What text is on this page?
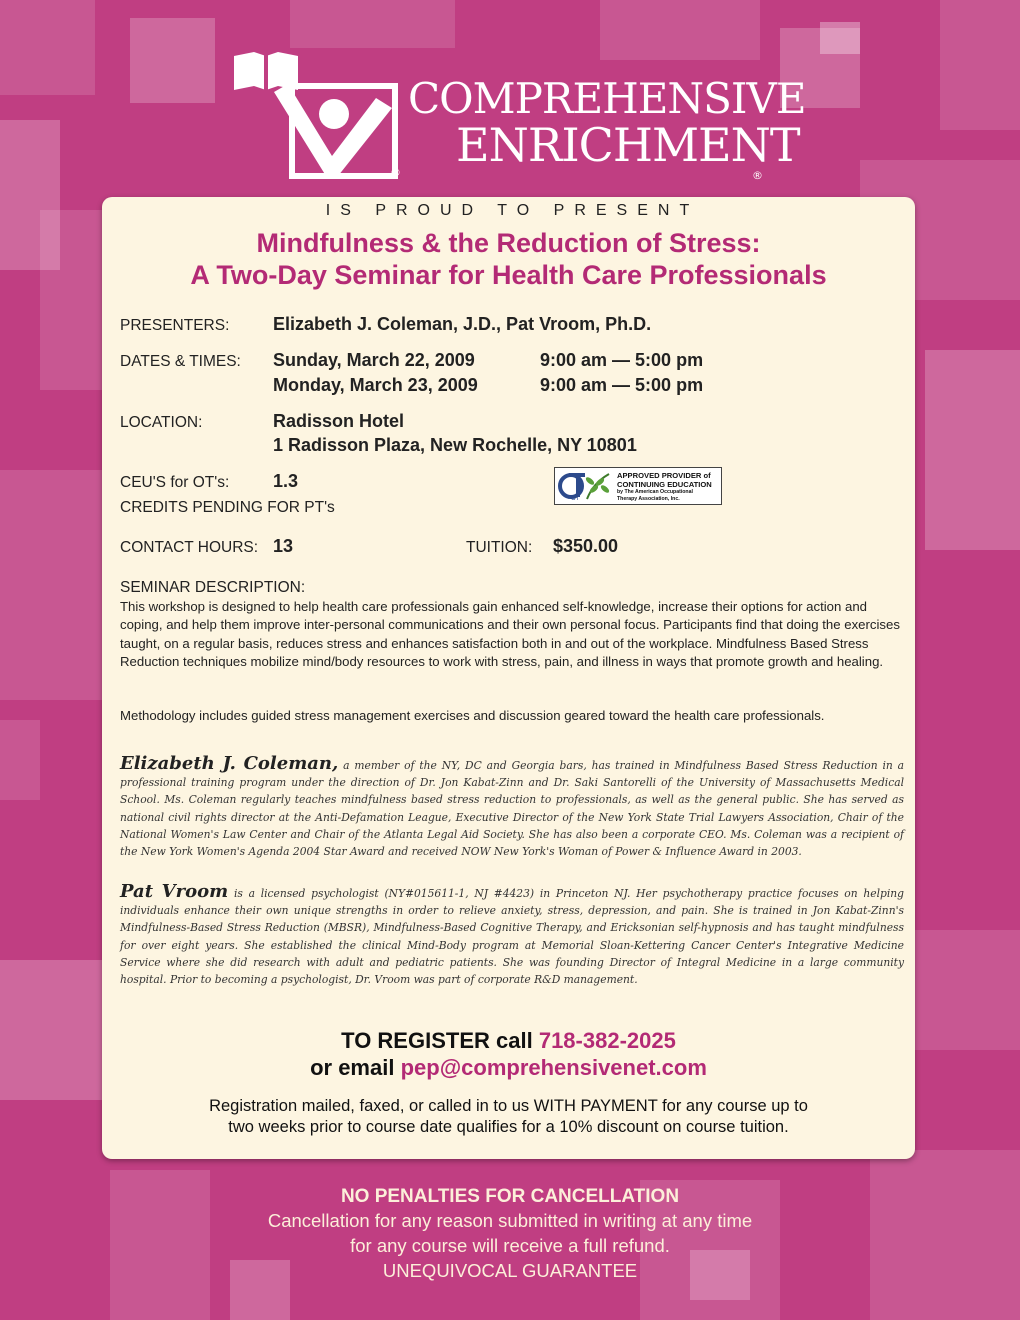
®
COMPREHENSIVE
ENRICHMENT
®
IS PROUD TO PRESENT
Mindfulness & the Reduction of Stress:
A Two-Day Seminar for Health Care Professionals
PRESENTERS: Elizabeth J. Coleman, J.D., Pat Vroom, Ph.D.
DATES & TIMES: Sunday, March 22, 2009	9:00 am — 5:00 pm
Monday, March 23, 2009	9:00 am — 5:00 pm
LOCATION:	Radisson Hotel
1 Radisson Plaza, New Rochelle, NY 10801
CEU'S for OT's: 1.3
CREDITS PENDING FOR PT's	OT
APPROVED PROVIDER of
CONTINUING EDUCATION
by The American Occupational
Therapy Association, Inc.
CONTACT HOURS: 13	TUITION: $350.00
SEMINAR DESCRIPTION:
This workshop is designed to help health care professionals gain enhanced self-knowledge, increase their options for action and coping, and help them improve inter-personal communications and their own personal focus. Participants find that doing the exercises taught, on a regular basis, reduces stress and enhances satisfaction both in and out of the workplace. Mindfulness Based Stress Reduction techniques mobilize mind/body resources to work with stress, pain, and illness in ways that promote growth and healing.
Methodology includes guided stress management exercises and discussion geared toward the health care professionals.
Elizabeth J. Coleman, a member of the NY, DC and Georgia bars, has trained in Mindfulness Based Stress Reduction in a professional training program under the direction of Dr. Jon Kabat-Zinn and Dr. Saki Santorelli of the University of Massachusetts Medical School. Ms. Coleman regularly teaches mindfulness based stress reduction to professionals, as well as the general public. She has served as national civil rights director at the Anti-Defamation League, Executive Director of the New York State Trial Lawyers Association, Chair of the National Women's Law Center and Chair of the Atlanta Legal Aid Society. She has also been a corporate CEO. Ms. Coleman was a recipient of the New York Women's Agenda 2004 Star Award and received NOW New York's Woman of Power & Influence Award in 2003.
Pat Vroom is a licensed psychologist (NY#015611-1, NJ #4423) in Princeton NJ. Her psychotherapy practice focuses on helping individuals enhance their own unique strengths in order to relieve anxiety, stress, depression, and pain. She is trained in Jon Kabat-Zinn's Mindfulness-Based Stress Reduction (MBSR), Mindfulness-Based Cognitive Therapy, and Ericksonian self-hypnosis and has taught mindfulness for over eight years. She established the clinical Mind-Body program at Memorial Sloan-Kettering Cancer Center's Integrative Medicine Service where she did research with adult and pediatric patients. She was founding Director of Integral Medicine in a large community hospital. Prior to becoming a psychologist, Dr. Vroom was part of corporate R&D management.
TO REGISTER call 718-382-2025
or email pep@comprehensivenet.com
Registration mailed, faxed, or called in to us WITH PAYMENT for any course up to
two weeks prior to course date qualifies for a 10% discount on course tuition.
NO PENALTIES FOR CANCELLATION
Cancellation for any reason submitted in writing at any time
for any course will receive a full refund.
UNEQUIVOCAL GUARANTEE
